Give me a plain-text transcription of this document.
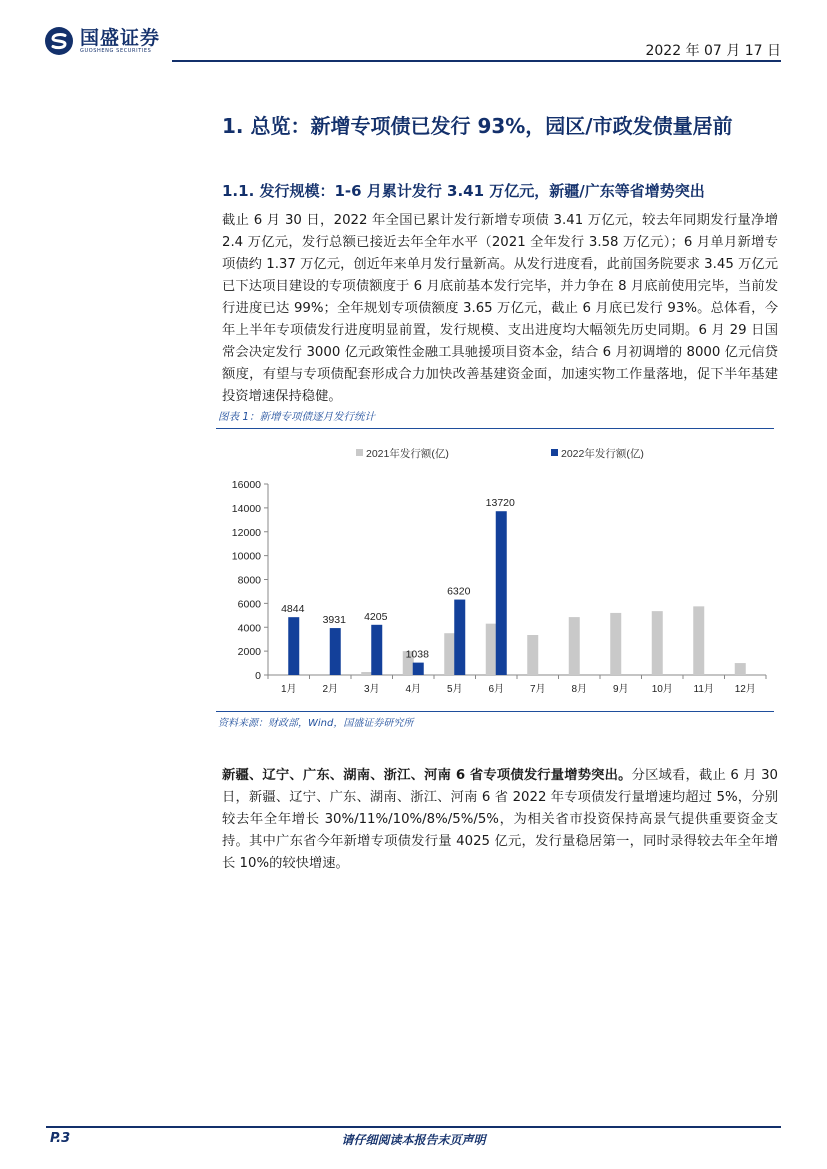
国盛证券
GUOSHENG SECURITIES	2022 年 07 月 17 日
1. 总览：新增专项债已发行 93%，园区/市政发债量居前
1.1. 发行规模：1-6 月累计发行 3.41 万亿元，新疆/广东等省增势突出
截止 6 月 30 日，2022 年全国已累计发行新增专项债 3.41 万亿元，较去年同期发行量净增 2.4 万亿元，发行总额已接近去年全年水平（2021 全年发行 3.58 万亿元）；6 月单月新增专项债约 1.37 万亿元，创近年来单月发行量新高。从发行进度看，此前国务院要求 3.45 万亿元已下达项目建设的专项债额度于 6 月底前基本发行完毕，并力争在 8 月底前使用完毕，当前发行进度已达 99%；全年规划专项债额度 3.65 万亿元，截止 6 月底已发行 93%。总体看，今年上半年专项债发行进度明显前置，发行规模、支出进度均大幅领先历史同期。6 月 29 日国常会决定发行 3000 亿元政策性金融工具驰援项目资本金，结合 6 月初调增的 8000 亿元信贷额度，有望与专项债配套形成合力加快改善基建资金面，加速实物工作量落地，促下半年基建投资增速保持稳健。
图表 1：新增专项债逐月发行统计
0
2000
4000
6000
8000
10000
12000
14000
16000
4844
1月
3931
2月
4205
3月
1038
4月
6320
5月
13720
6月	7月	8月	9月 10月 11月 12月
2021年发行额(亿)	2022年发行额(亿)
资料来源：财政部，Wind，国盛证券研究所
新疆、辽宁、广东、湖南、浙江、河南 6 省专项债发行量增势突出。分区域看，截止 6 月 30 日，新疆、辽宁、广东、湖南、浙江、河南 6 省 2022 年专项债发行量增速均超过 5%，分别较去年全年增长 30%/11%/10%/8%/5%/5%，为相关省市投资保持高景气提供重要资金支持。其中广东省今年新增专项债发行量 4025 亿元，发行量稳居第一，同时录得较去年全年增长 10%的较快增速。
P.3	请仔细阅读本报告末页声明
